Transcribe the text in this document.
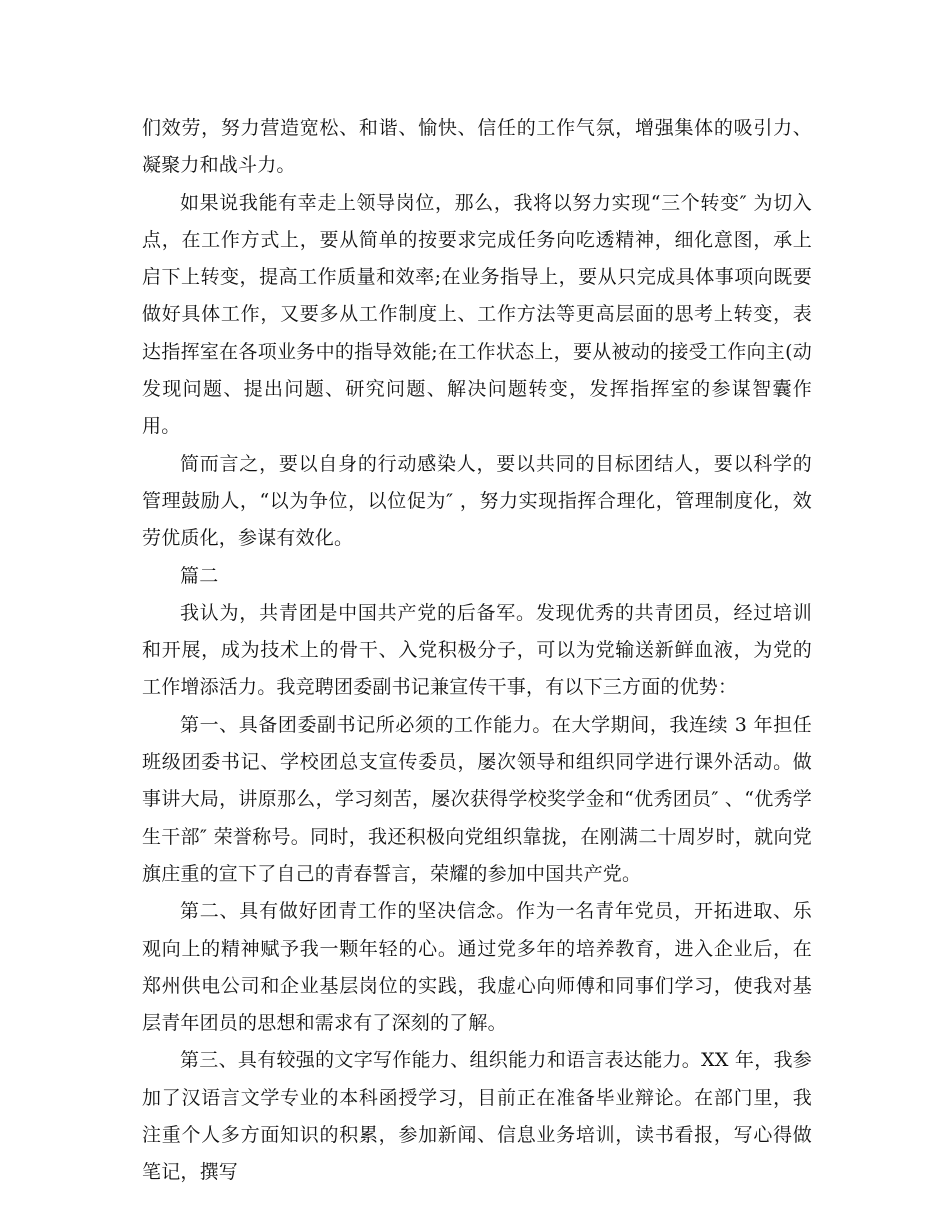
们效劳，努力营造宽松、和谐、愉快、信任的工作气氛，增强集体的吸引力、凝聚力和战斗力。

如果说我能有幸走上领导岗位，那么，我将以努力实现“三个转变″ 为切入点，在工作方式上，要从简单的按要求完成任务向吃透精神，细化意图，承上启下上转变，提高工作质量和效率;在业务指导上，要从只完成具体事项向既要做好具体工作，又要多从工作制度上、工作方法等更高层面的思考上转变，表达指挥室在各项业务中的指导效能;在工作状态上，要从被动的接受工作向主(动发现问题、提出问题、研究问题、解决问题转变，发挥指挥室的参谋智囊作用。

简而言之，要以自身的行动感染人，要以共同的目标团结人，要以科学的管理鼓励人，“以为争位，以位促为″ ，努力实现指挥合理化，管理制度化，效劳优质化，参谋有效化。

篇二

我认为，共青团是中国共产党的后备军。发现优秀的共青团员，经过培训和开展，成为技术上的骨干、入党积极分子，可以为党输送新鲜血液，为党的工作增添活力。我竞聘团委副书记兼宣传干事，有以下三方面的优势：

第一、具备团委副书记所必须的工作能力。在大学期间，我连续 3 年担任班级团委书记、学校团总支宣传委员，屡次领导和组织同学进行课外活动。做事讲大局，讲原那么，学习刻苦，屡次获得学校奖学金和“优秀团员″ 、“优秀学生干部″ 荣誉称号。同时，我还积极向党组织靠拢，在刚满二十周岁时，就向党旗庄重的宣下了自己的青春誓言，荣耀的参加中国共产党。

第二、具有做好团青工作的坚决信念。作为一名青年党员，开拓进取、乐观向上的精神赋予我一颗年轻的心。通过党多年的培养教育，进入企业后，在郑州供电公司和企业基层岗位的实践，我虚心向师傅和同事们学习，使我对基层青年团员的思想和需求有了深刻的了解。

第三、具有较强的文字写作能力、组织能力和语言表达能力。XX 年，我参加了汉语言文学专业的本科函授学习，目前正在准备毕业辩论。在部门里，我注重个人多方面知识的积累，参加新闻、信息业务培训，读书看报，写心得做笔记，撰写
